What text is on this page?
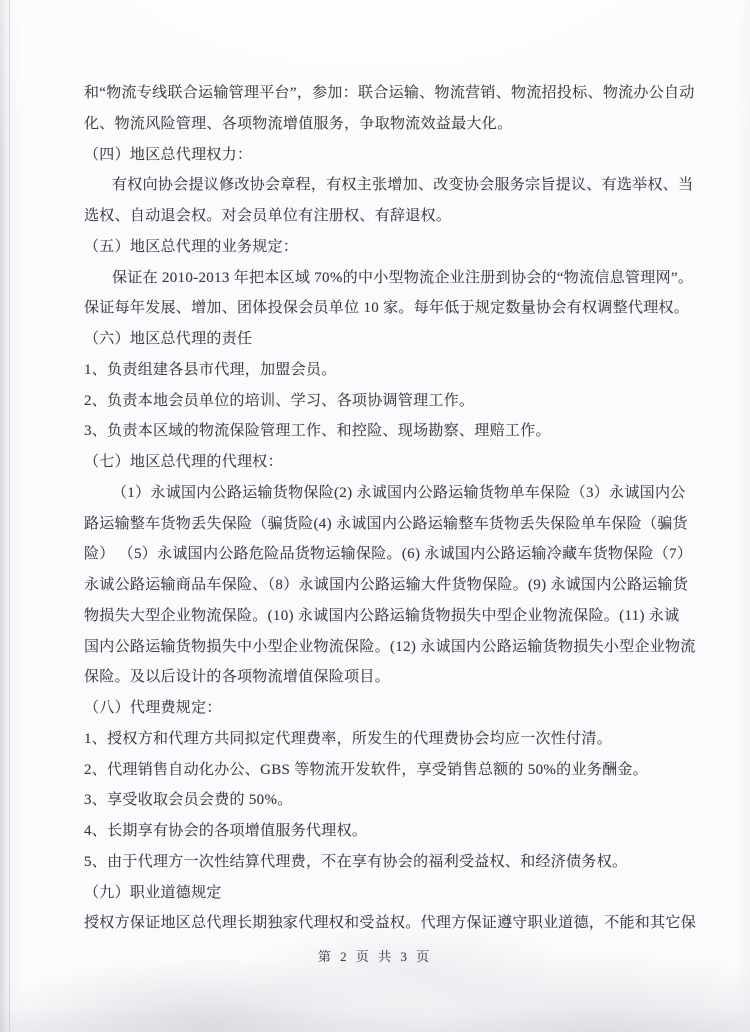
和“物流专线联合运输管理平台”，参加：联合运输、物流营销、物流招投标、物流办公自动
化、物流风险管理、各项物流增值服务，争取物流效益最大化。
（四）地区总代理权力：
有权向协会提议修改协会章程，有权主张增加、改变协会服务宗旨提议、有选举权、当
选权、自动退会权。对会员单位有注册权、有辞退权。
（五）地区总代理的业务规定：
保证在 2010-2013 年把本区域 70%的中小型物流企业注册到协会的“物流信息管理网”。
保证每年发展、增加、团体投保会员单位 10 家。每年低于规定数量协会有权调整代理权。
（六）地区总代理的责任
1、负责组建各县市代理，加盟会员。
2、负责本地会员单位的培训、学习、各项协调管理工作。
3、负责本区域的物流保险管理工作、和控险、现场勘察、理赔工作。
（七）地区总代理的代理权：
（1）永诚国内公路运输货物保险(2) 永诚国内公路运输货物单车保险（3）永诚国内公
路运输整车货物丢失保险（骗货险(4) 永诚国内公路运输整车货物丢失保险单车保险（骗货
险） （5）永诚国内公路危险品货物运输保险。(6) 永诚国内公路运输冷藏车货物保险（7）
永诚公路运输商品车保险、（8）永诚国内公路运输大件货物保险。(9) 永诚国内公路运输货
物损失大型企业物流保险。(10) 永诚国内公路运输货物损失中型企业物流保险。(11) 永诚
国内公路运输货物损失中小型企业物流保险。(12) 永诚国内公路运输货物损失小型企业物流
保险。及以后设计的各项物流增值保险项目。
（八）代理费规定：
1、授权方和代理方共同拟定代理费率，所发生的代理费协会均应一次性付清。
2、代理销售自动化办公、GBS 等物流开发软件，享受销售总额的 50%的业务酬金。
3、享受收取会员会费的 50%。
4、长期享有协会的各项增值服务代理权。
5、由于代理方一次性结算代理费，不在享有协会的福利受益权、和经济债务权。
（九）职业道德规定
授权方保证地区总代理长期独家代理权和受益权。代理方保证遵守职业道德，不能和其它保
第 2 页 共 3 页
